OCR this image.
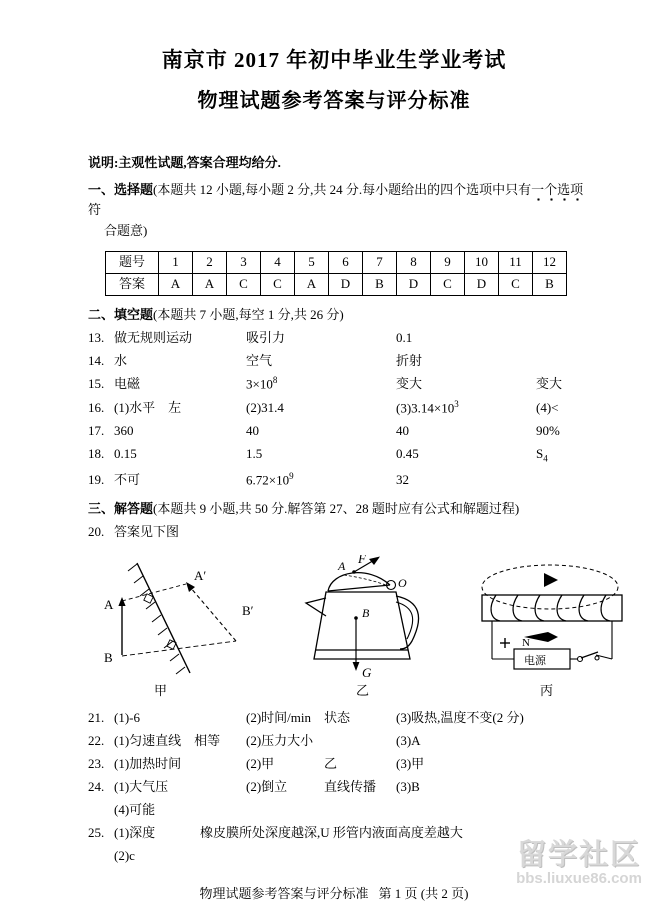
南京市 2017 年初中毕业生学业考试
物理试题参考答案与评分标准
说明:主观性试题,答案合理均给分.
一、选择题(本题共 12 小题,每小题 2 分,共 24 分.每小题给出的四个选项中只有一个选项符
合题意)
题号	1	2	3	4	5	6	7	8	9	10	11	12
答案	A	A	C	C	A	D	B	D	C	D	C	B
二、填空题(本题共 7 小题,每空 1 分,共 26 分)
13. 做无规则运动	吸引力	0.1
14. 水	空气	折射
15. 电磁	$3\times 10^8$	变大	变大
16. (1)水平　左	(2)31.4	$(3)3.14\times 10^3$	(4)<
17. 360	40	40	90%
18. 0.15	1.5	0.45	$S_4$
19. 不可	$6.72\times 10^9$	32
三、解答题(本题共 9 小题,共 50 分.解答第 27、28 题时应有公式和解题过程)
20. 答案见下图
A
B
A′
B′
甲
F
A
O
B
G
乙
N
电源
丙
21. (1)-6	(2)时间/min	状态	(3)吸热,温度不变(2 分)
22. (1)匀速直线　相等	(2)压力大小	(3)A
23. (1)加热时间	(2)甲	乙	(3)甲
24. (1)大气压	(2)倒立	直线传播	(3)B
(4)可能
25. (1)深度	橡皮膜所处深度越深,U 形管内液面高度差越大
(2)c	留学社区
bbs.liuxue86.com
物理试题参考答案与评分标准 第 1 页 (共 2 页)
